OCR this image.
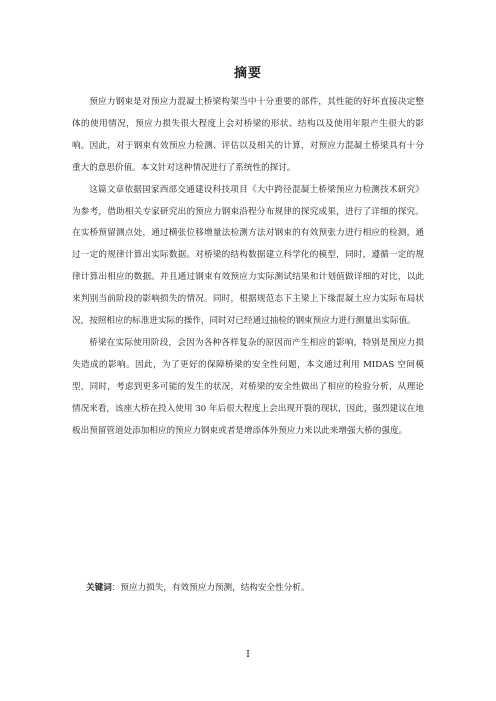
摘要

预应力钢束是对预应力混凝土桥梁构架当中十分重要的部件，其性能的好坏直接决定整体的使用情况，预应力损失很大程度上会对桥梁的形状、结构以及使用年限产生很大的影响。因此，对于钢束有效预应力检测、评估以及相关的计算，对预应力混凝土桥梁具有十分重大的意思价值。本文针对这种情况进行了系统性的探讨。

这篇文章依据国家西部交通建设科技项目《大中跨径混凝土桥梁预应力检测技术研究》为参考，借助相关专家研究出的预应力钢束沿程分布规律的探究成果，进行了详细的探究。在实桥预留测点处，通过横张位移增量法检测方法对钢束的有效预张力进行相应的检测，通过一定的规律计算出实际数据。对桥梁的结构数据建立科学化的模型，同时，遵循一定的规律计算出相应的数据。并且通过钢束有效预应力实际测试结果和计划值做详细的对比，以此来判别当前阶段的影响损失的情况。同时，根据规范态下主梁上下缘混凝土应力实际布局状况，按照相应的标准进实际的操作，同时对已经通过抽检的钢束预应力进行测量出实际值。

桥梁在实际使用阶段，会因为各种各样复杂的原因而产生相应的影响，特别是预应力损失造成的影响。因此，为了更好的保障桥梁的安全性问题，本文通过利用 MIDAS 空间模型，同时，考虑到更多可能的发生的状况，对桥梁的安全性做出了相应的检验分析，从理论情况来看，该座大桥在投入使用 30 年后很大程度上会出现开裂的现状，因此，强烈建议在地板出预留管道处添加相应的预应力钢束或者是增添体外预应力来以此来增强大桥的强度。

关键词：预应力损失，有效预应力预测，结构安全性分析。
I
